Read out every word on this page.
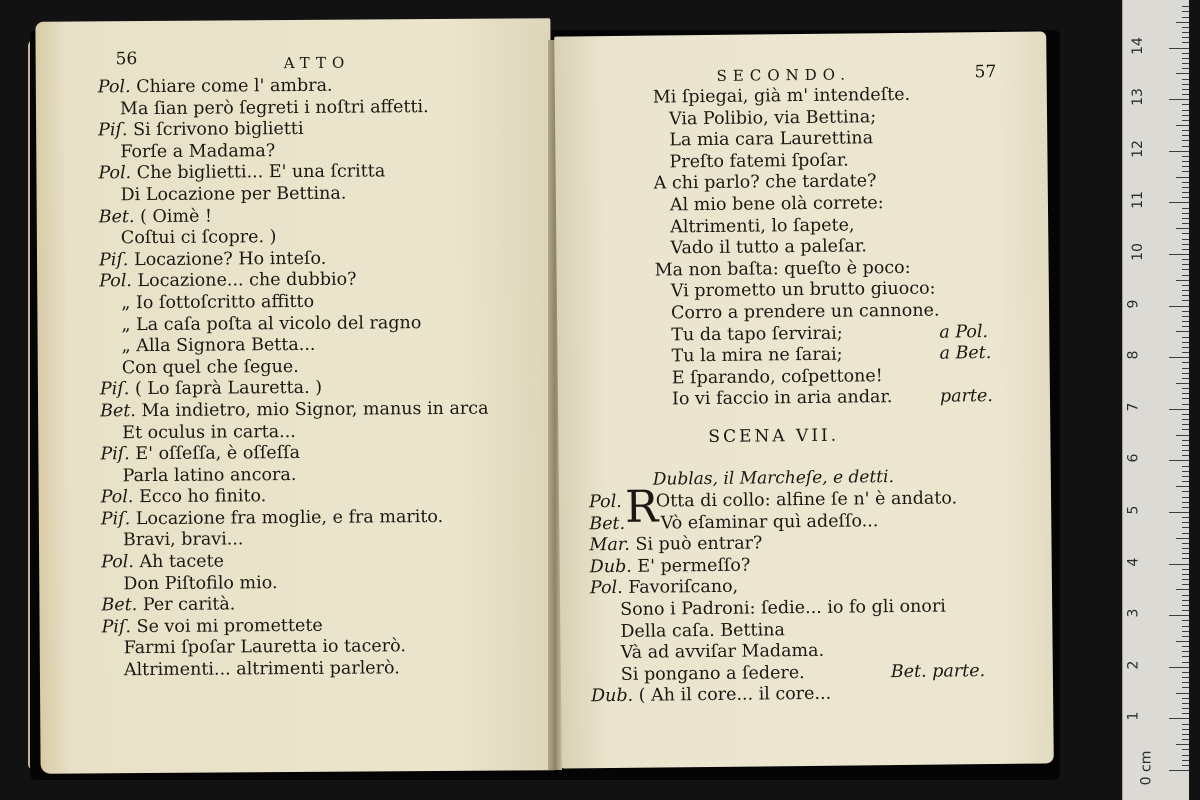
56	ATTO
Pol. Chiare come l' ambra.
Ma ſian però ſegreti i noſtri affetti.
Piſ. Si ſcrivono biglietti
Forſe a Madama?
Pol. Che biglietti... E' una ſcritta
Di Locazione per Bettina.
Bet. ( Oimè !
Coſtui ci ſcopre. )
Piſ. Locazione? Ho inteſo.
Pol. Locazione... che dubbio?
„ Io ſottoſcritto affitto
„ La caſa poſta al vicolo del ragno
„ Alla Signora Betta...
Con quel che ſegue.
Piſ. ( Lo ſaprà Lauretta. )
Bet. Ma indietro, mio Signor, manus in arca
Et oculus in carta...
Piſ. E' oſſeſſa, è oſſeſſa
Parla latino ancora.
Pol. Ecco ho finito.
Piſ. Locazione fra moglie, e fra marito.
Bravi, bravi...
Pol. Ah tacete
Don Piſtofilo mio.
Bet. Per carità.
Piſ. Se voi mi promettete
Farmi ſpoſar Lauretta io tacerò.
Altrimenti... altrimenti parlerò.
SECONDO.	57
Mi ſpiegai, già m' intendeſte.
Via Polibio, via Bettina;
La mia cara Laurettina
Preſto fatemi ſpoſar.
A chi parlo? che tardate?
Al mio bene olà correte:
Altrimenti, lo ſapete,
Vado il tutto a paleſar.
Ma non baſta: queſto è poco:
Vi prometto un brutto giuoco:
Corro a prendere un cannone.
Tu da tapo ſervirai;	a Pol.
Tu la mira ne ſarai;	a Bet.
E ſparando, coſpettone!
Io vi faccio in aria andar.	parte.
SCENA VII.
Dublas, il Marcheſe, e detti.
R
Pol. Otta di collo: alfine ſe n' è andato.
Bet. Vò eſaminar quì adeſſo...
Mar. Si può entrar?
Dub. E' permeſſo?
Pol. Favoriſcano,
Sono i Padroni: ſedie... io fo gli onori
Della caſa. Bettina
Và ad avviſar Madama.
Si pongano a ſedere.	Bet. parte.
Dub. ( Ah il core... il core...
0 cm
1
2
3
4
5
6
7
8
9
10
11
12
13
14
